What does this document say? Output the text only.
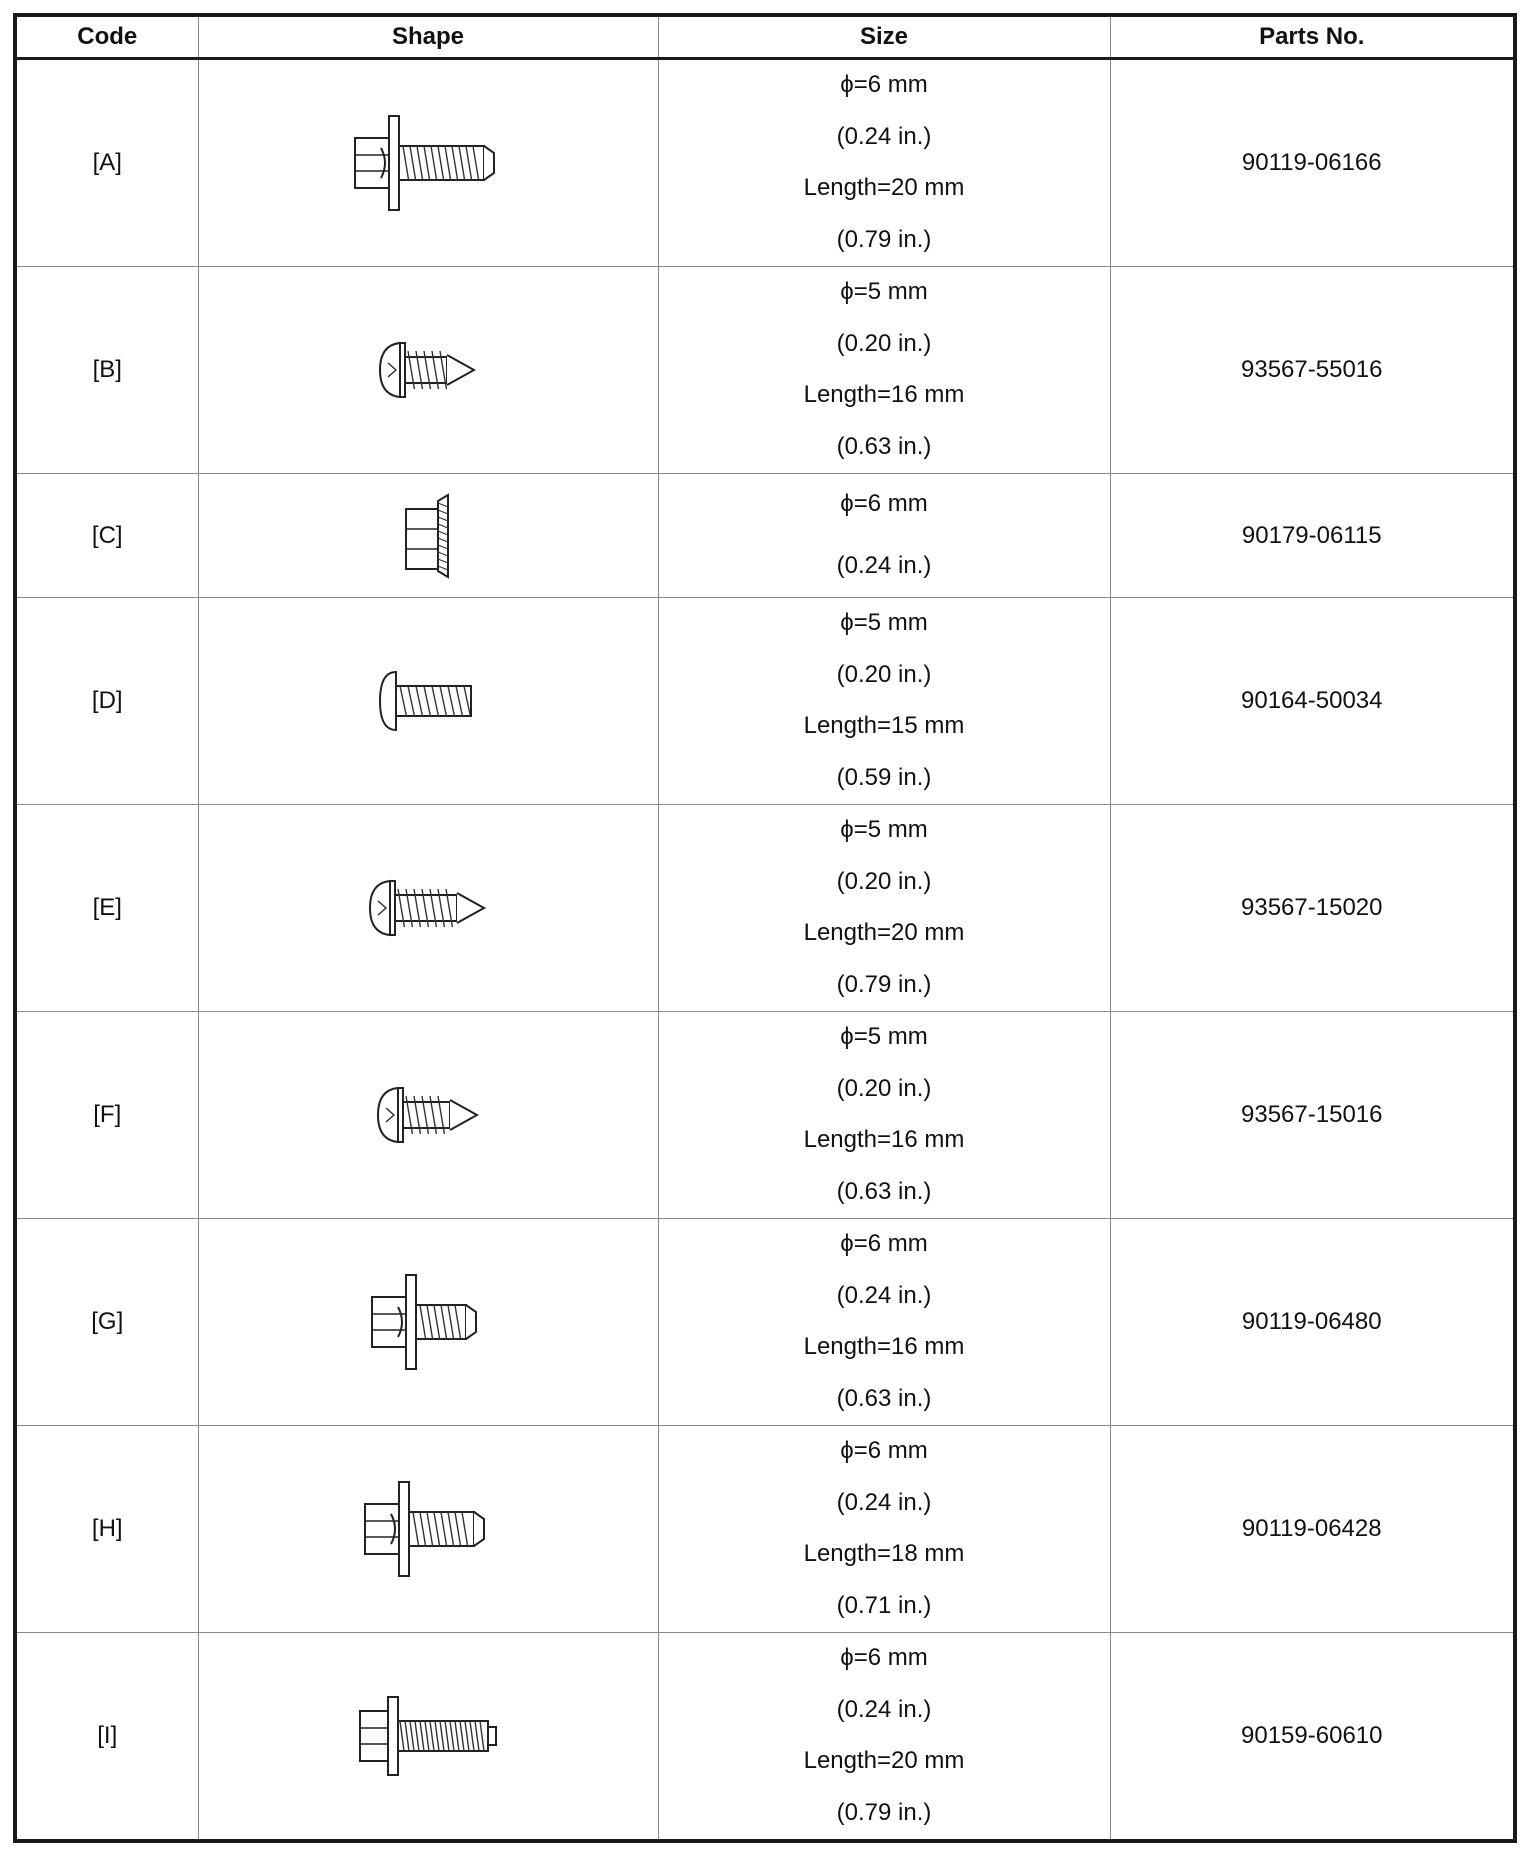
Code	Shape	Size	Parts No.
[A]		ϕ=6 mm
(0.24 in.)
Length=20 mm
(0.79 in.)	90119-06166
[B]		ϕ=5 mm
(0.20 in.)
Length=16 mm
(0.63 in.)	93567-55016
[C]		ϕ=6 mm
(0.24 in.)	90179-06115
[D]		ϕ=5 mm
(0.20 in.)
Length=15 mm
(0.59 in.)	90164-50034
[E]		ϕ=5 mm
(0.20 in.)
Length=20 mm
(0.79 in.)	93567-15020
[F]		ϕ=5 mm
(0.20 in.)
Length=16 mm
(0.63 in.)	93567-15016
[G]		ϕ=6 mm
(0.24 in.)
Length=16 mm
(0.63 in.)	90119-06480
[H]		ϕ=6 mm
(0.24 in.)
Length=18 mm
(0.71 in.)	90119-06428
[I]		ϕ=6 mm
(0.24 in.)
Length=20 mm
(0.79 in.)	90159-60610
